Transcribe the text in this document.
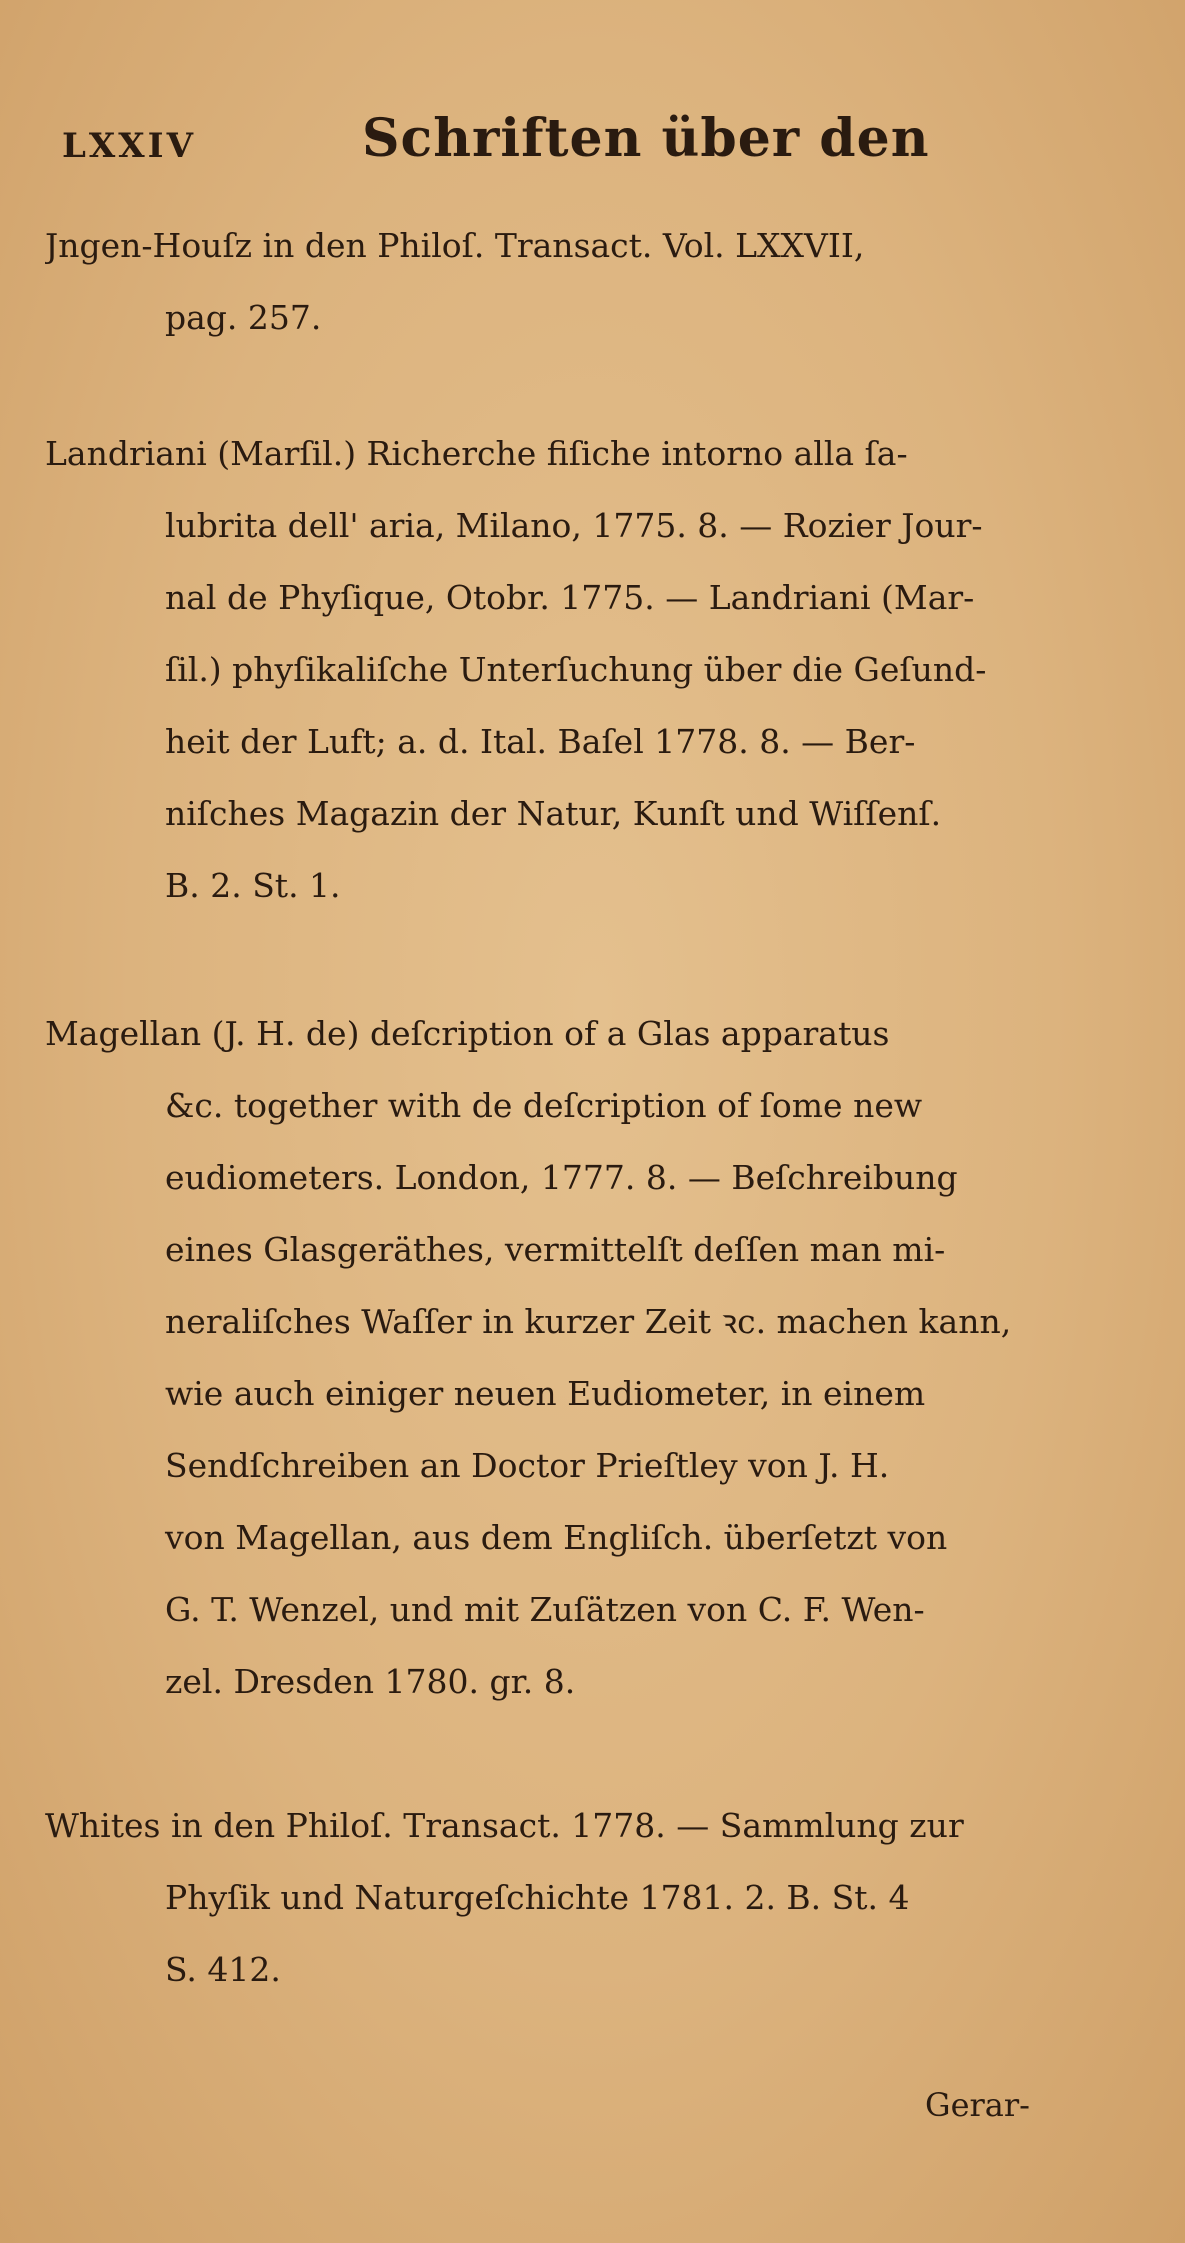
LXXIV	Schriften über den

Jngen-Houſz in den Philoſ. Transact. Vol. LXXVII,
pag. 257.

Landriani (Marſil.) Richerche fiſiche intorno alla ſa-
lubrita dell' aria, Milano, 1775. 8. — Rozier Jour-
nal de Phyſique, Otobr. 1775. — Landriani (Mar-
ſil.) phyſikaliſche Unterſuchung über die Geſund-
heit der Luft; a. d. Ital. Baſel 1778. 8. — Ber-
niſches Magazin der Natur, Kunſt und Wiſſenſ.
B. 2. St. 1.

Magellan (J. H. de) deſcription of a Glas apparatus
&c. together with de deſcription of ſome new
eudiometers. London, 1777. 8. — Beſchreibung
eines Glasgeräthes, vermittelſt deſſen man mi-
neraliſches Waſſer in kurzer Zeit ꝛc. machen kann,
wie auch einiger neuen Eudiometer, in einem
Sendſchreiben an Doctor Prieſtley von J. H.
von Magellan, aus dem Engliſch. überſetzt von
G. T. Wenzel, und mit Zuſätzen von C. F. Wen-
zel. Dresden 1780. gr. 8.

Whites in den Philoſ. Transact. 1778. — Sammlung zur
Phyſik und Naturgeſchichte 1781. 2. B. St. 4
S. 412.

Gerar-
